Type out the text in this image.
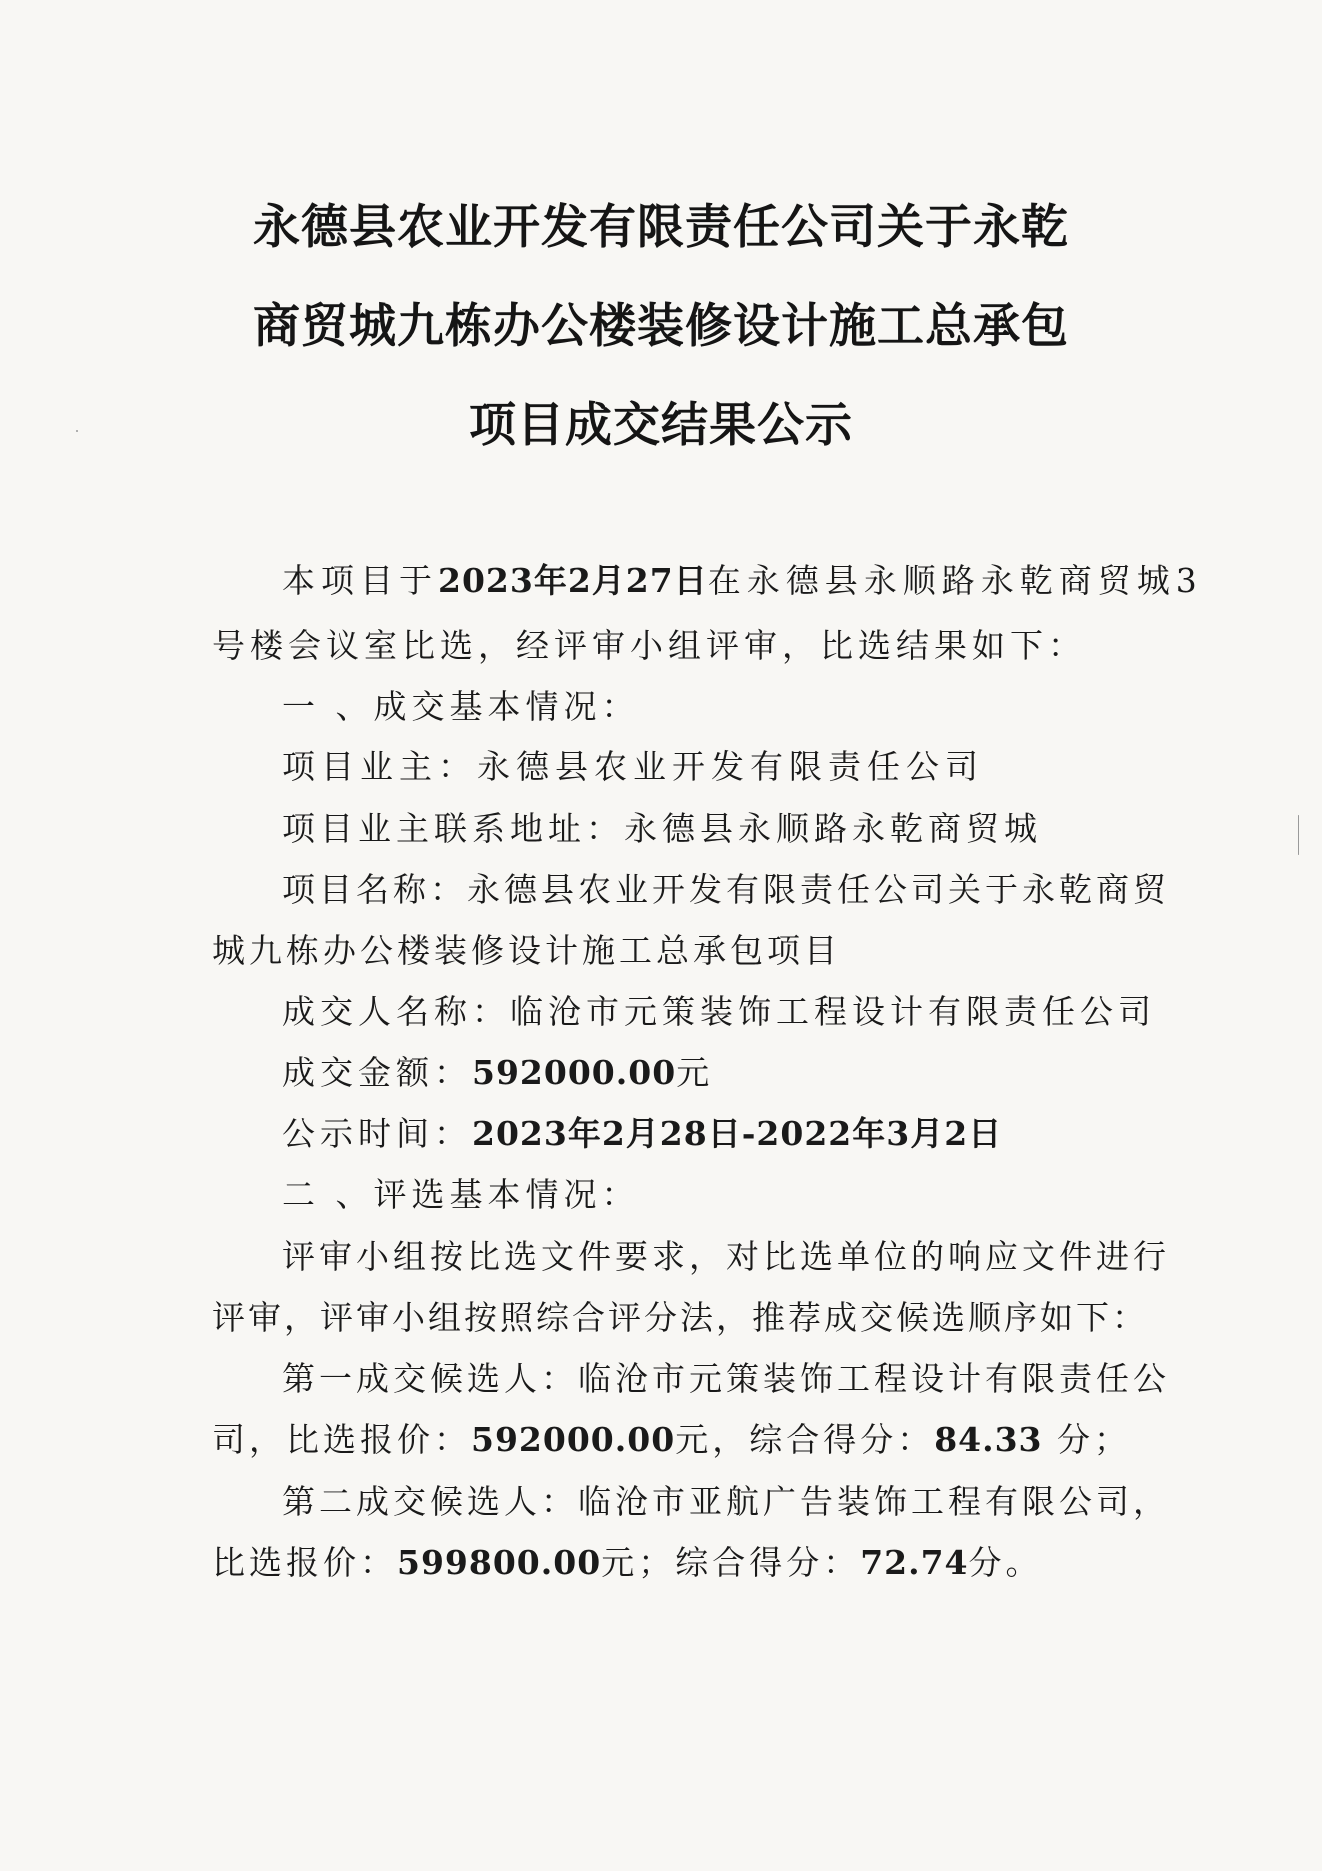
永德县农业开发有限责任公司关于永乾
商贸城九栋办公楼装修设计施工总承包
项目成交结果公示
本项目于2023年2月27日在永德县永顺路永乾商贸城3
号楼会议室比选，经评审小组评审，比选结果如下：
一 、成交基本情况：
项目业主：永德县农业开发有限责任公司
项目业主联系地址：永德县永顺路永乾商贸城
项目名称：永德县农业开发有限责任公司关于永乾商贸
城九栋办公楼装修设计施工总承包项目
成交人名称：临沧市元策装饰工程设计有限责任公司
成交金额：592000.00元
公示时间：2023年2月28日-2022年3月2日
二 、评选基本情况：
评审小组按比选文件要求，对比选单位的响应文件进行
评审，评审小组按照综合评分法，推荐成交候选顺序如下：
第一成交候选人：临沧市元策装饰工程设计有限责任公
司，比选报价：592000.00元，综合得分：84.33 分；
第二成交候选人：临沧市亚航广告装饰工程有限公司，
比选报价：599800.00元；综合得分：72.74分。
